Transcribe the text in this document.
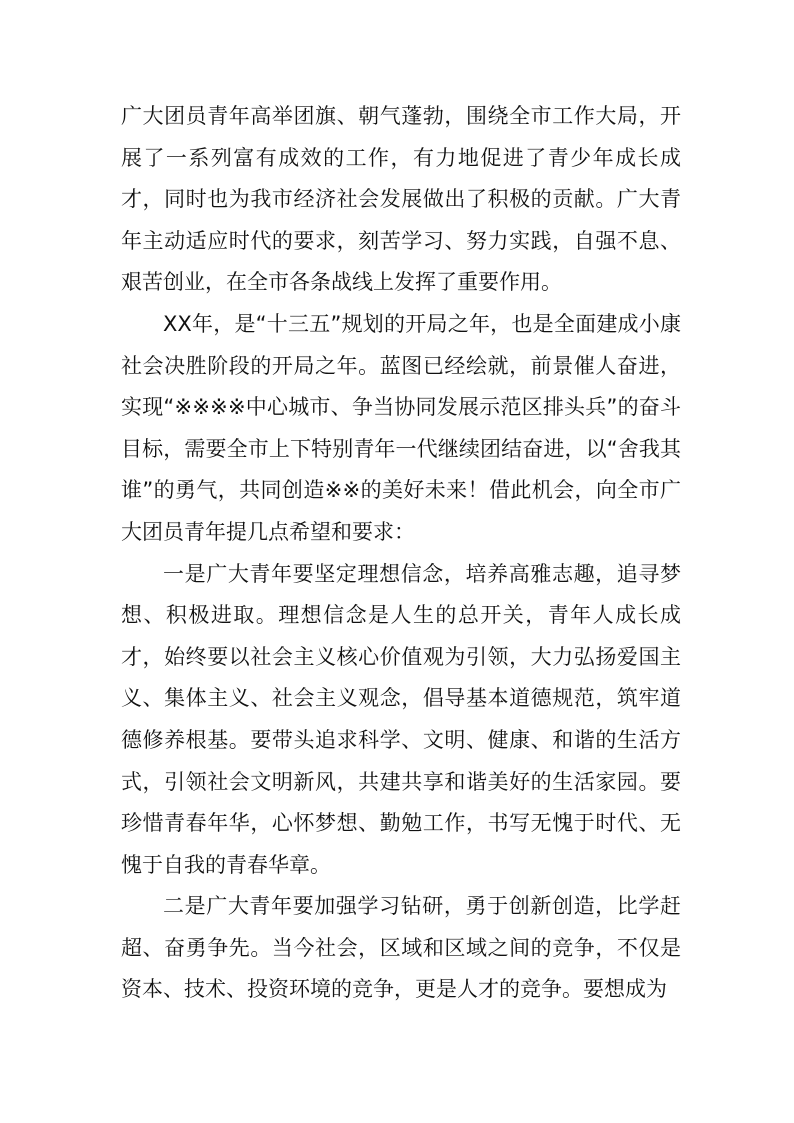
广大团员青年高举团旗、朝气蓬勃，围绕全市工作大局，开展了一系列富有成效的工作，有力地促进了青少年成长成才，同时也为我市经济社会发展做出了积极的贡献。广大青年主动适应时代的要求，刻苦学习、努力实践，自强不息、艰苦创业，在全市各条战线上发挥了重要作用。

XX年，是“十三五”规划的开局之年，也是全面建成小康社会决胜阶段的开局之年。蓝图已经绘就，前景催人奋进，实现“※※※※中心城市、争当协同发展示范区排头兵”的奋斗目标，需要全市上下特别青年一代继续团结奋进，以“舍我其谁”的勇气，共同创造※※的美好未来！借此机会，向全市广大团员青年提几点希望和要求：

一是广大青年要坚定理想信念，培养高雅志趣，追寻梦想、积极进取。理想信念是人生的总开关，青年人成长成才，始终要以社会主义核心价值观为引领，大力弘扬爱国主义、集体主义、社会主义观念，倡导基本道德规范，筑牢道德修养根基。要带头追求科学、文明、健康、和谐的生活方式，引领社会文明新风，共建共享和谐美好的生活家园。要珍惜青春年华，心怀梦想、勤勉工作，书写无愧于时代、无愧于自我的青春华章。

二是广大青年要加强学习钻研，勇于创新创造，比学赶超、奋勇争先。当今社会，区域和区域之间的竞争，不仅是资本、技术、投资环境的竞争，更是人才的竞争。要想成为
